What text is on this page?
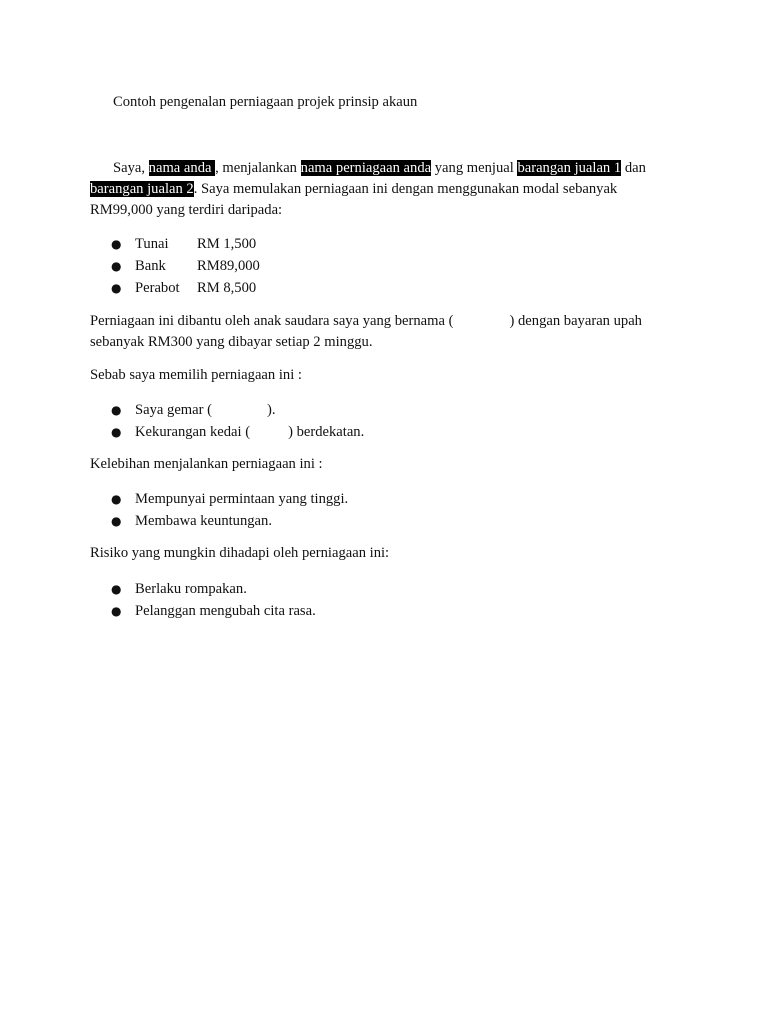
Contoh pengenalan perniagaan projek prinsip akaun
Saya, nama anda , menjalankan nama perniagaan anda yang menjual barangan jualan 1 dan
barangan jualan 2. Saya memulakan perniagaan ini dengan menggunakan modal sebanyak
RM99,000 yang terdiri daripada:
● Tunai RM 1,500
● Bank RM89,000
● Perabot RM 8,500
Perniagaan ini dibantu oleh anak saudara saya yang bernama (	) dengan bayaran upah
sebanyak RM300 yang dibayar setiap 2 minggu.
Sebab saya memilih perniagaan ini :
● Saya gemar (	).
● Kekurangan kedai (	) berdekatan.
Kelebihan menjalankan perniagaan ini :
● Mempunyai permintaan yang tinggi.
● Membawa keuntungan.
Risiko yang mungkin dihadapi oleh perniagaan ini:
● Berlaku rompakan.
● Pelanggan mengubah cita rasa.
